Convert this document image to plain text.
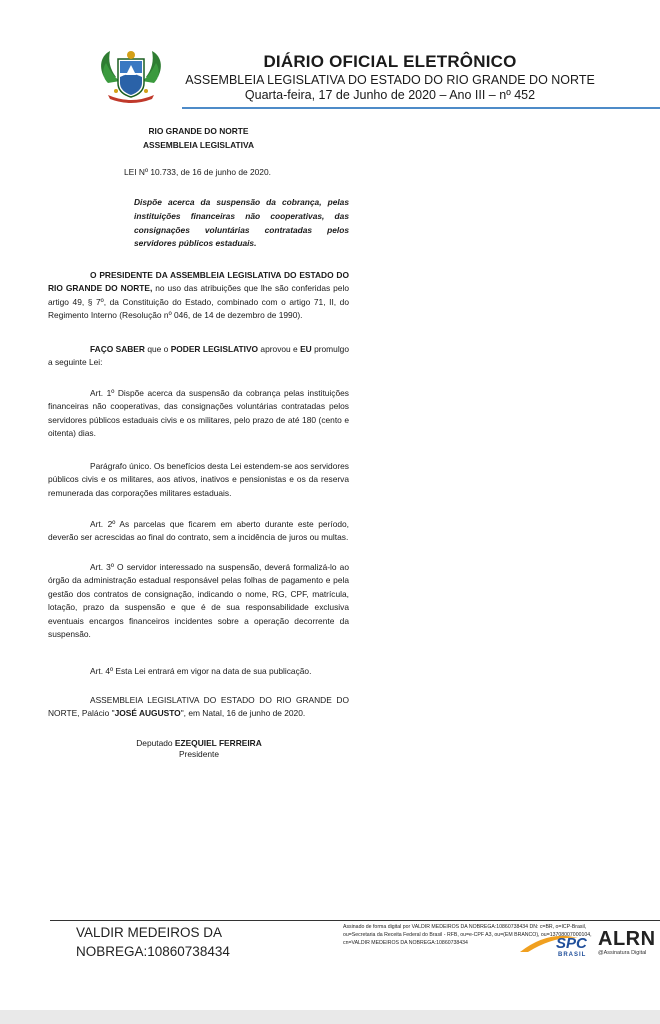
DIÁRIO OFICIAL ELETRÔNICO
ASSEMBLEIA LEGISLATIVA DO ESTADO DO RIO GRANDE DO NORTE
Quarta-feira, 17 de Junho de 2020 – Ano III – nº 452
RIO GRANDE DO NORTE
ASSEMBLEIA LEGISLATIVA
LEI Nº 10.733, de 16 de junho de 2020.
Dispõe acerca da suspensão da cobrança, pelas instituições financeiras não cooperativas, das consignações voluntárias contratadas pelos servidores públicos estaduais.
O PRESIDENTE DA ASSEMBLEIA LEGISLATIVA DO ESTADO DO RIO GRANDE DO NORTE, no uso das atribuições que lhe são conferidas pelo artigo 49, § 7º, da Constituição do Estado, combinado com o artigo 71, II, do Regimento Interno (Resolução nº 046, de 14 de dezembro de 1990).
FAÇO SABER que o PODER LEGISLATIVO aprovou e EU promulgo a seguinte Lei:
Art. 1º Dispõe acerca da suspensão da cobrança pelas instituições financeiras não cooperativas, das consignações voluntárias contratadas pelos servidores públicos estaduais civis e os militares, pelo prazo de até 180 (cento e oitenta) dias.
Parágrafo único. Os benefícios desta Lei estendem-se aos servidores públicos civis e os militares, aos ativos, inativos e pensionistas e os da reserva remunerada das corporações militares estaduais.
Art. 2º As parcelas que ficarem em aberto durante este período, deverão ser acrescidas ao final do contrato, sem a incidência de juros ou multas.
Art. 3º O servidor interessado na suspensão, deverá formalizá-lo ao órgão da administração estadual responsável pelas folhas de pagamento e pela gestão dos contratos de consignação, indicando o nome, RG, CPF, matrícula, lotação, prazo da suspensão e que é de sua responsabilidade exclusiva eventuais encargos financeiros incidentes sobre a operação decorrente da suspensão.
Art. 4º Esta Lei entrará em vigor na data de sua publicação.
ASSEMBLEIA LEGISLATIVA DO ESTADO DO RIO GRANDE DO NORTE, Palácio "JOSÉ AUGUSTO", em Natal, 16 de junho de 2020.
Deputado EZEQUIEL FERREIRA
Presidente
VALDIR MEDEIROS DA
NOBREGA:10860738434
Assinado de forma digital por VALDIR MEDEIROS DA NOBREGA:10860738434 DN: c=BR, o=ICP-Brasil, ou=Secretaria da Receita Federal do Brasil - RFB, ou=e-CPF A3, ou=(EM BRANCO), ou=13708007000104, cn=VALDIR MEDEIROS DA NOBREGA:10860738434	SPC
BRASIL
ALRN
@Assinatura Digital
